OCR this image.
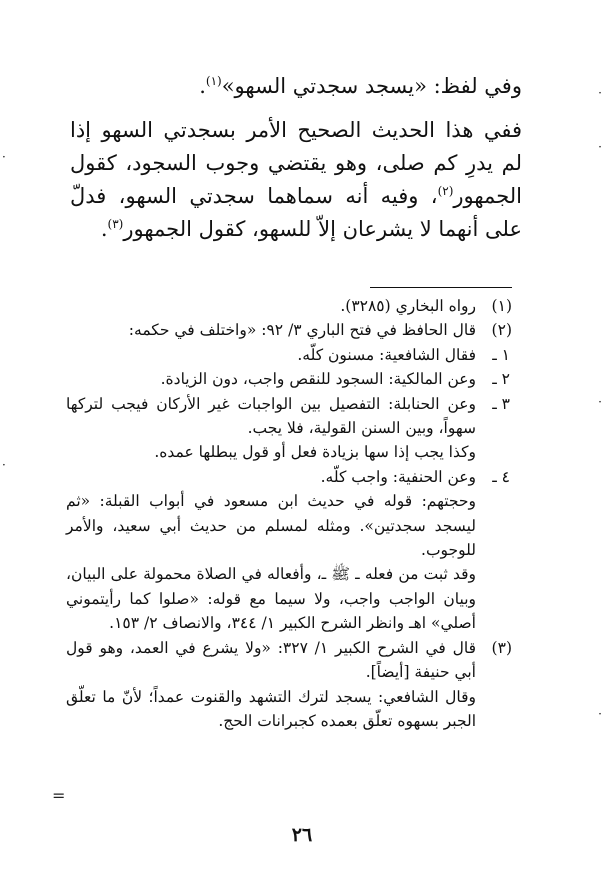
وفي لفظ: «يسجد سجدتي السهو»$^{(١)}$.

ففي هذا الحديث الصحيح الأمر بسجدتي السهو إذا لم يدرِ كم صلى، وهو يقتضي وجوب السجود، كقول الجمهور$^{(٢)}$، وفيه أنه سماهما سجدتي السهو، فدلّ على أنهما لا يشرعان إلاّ للسهو، كقول الجمهور$^{(٣)}$.

(١)
رواه البخاري (٣٢٨٥).
(٢)
قال الحافظ في فتح الباري ٣/ ٩٢: «واختلف في حكمه:
١ ـ
فقال الشافعية: مسنون كلّه.
٢ ـ
وعن المالكية: السجود للنقص واجب، دون الزيادة.
٣ ـ
وعن الحنابلة: التفصيل بين الواجبات غير الأركان فيجب لتركها سهواً، وبين السنن القولية، فلا يجب.
وكذا يجب إذا سها بزيادة فعل أو قول يبطلها عمده.
٤ ـ
وعن الحنفية: واجب كلّه.
وحجتهم: قوله في حديث ابن مسعود في أبواب القبلة: «ثم ليسجد سجدتين». ومثله لمسلم من حديث أبي سعيد، والأمر للوجوب.
وقد ثبت من فعله ـ ﷺ ـ، وأفعاله في الصلاة محمولة على البيان، وبيان الواجب واجب، ولا سيما مع قوله: «صلوا كما رأيتموني أصلي» اهـ وانظر الشرح الكبير ١/ ٣٤٤، والانصاف ٢/ ١٥٣.
(٣)
قال في الشرح الكبير ١/ ٣٢٧: «ولا يشرع في العمد، وهو قول أبي حنيفة [أيضاً].
وقال الشافعي: يسجد لترك التشهد والقنوت عمداً؛ لأنّ ما تعلّق الجبر بسهوه تعلّق بعمده كجبرانات الحج.
٢٦
·
·
·
·
·
·
=
